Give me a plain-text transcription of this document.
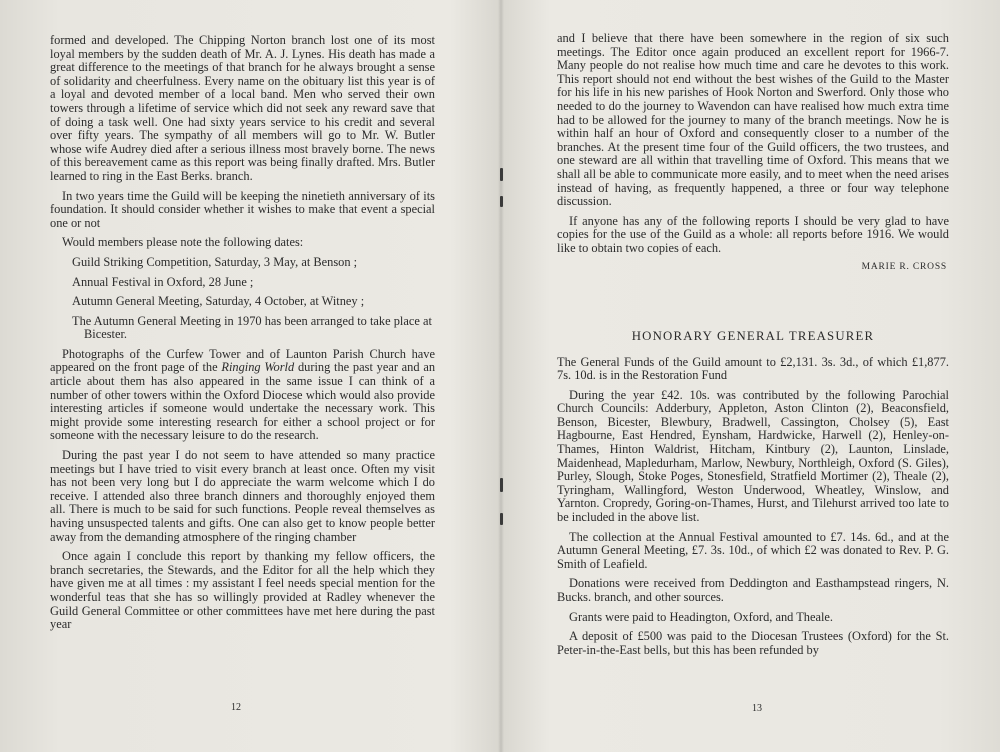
formed and developed. The Chipping Norton branch lost one of its most loyal members by the sudden death of Mr. A. J. Lynes. His death has made a great difference to the meetings of that branch for he always brought a sense of solidarity and cheerfulness. Every name on the obituary list this year is of a loyal and devoted member of a local band. Men who served their own towers through a lifetime of service which did not seek any reward save that of doing a task well. One had sixty years service to his credit and several over fifty years. The sympathy of all members will go to Mr. W. Butler whose wife Audrey died after a serious illness most bravely borne. The news of this bereavement came as this report was being finally drafted. Mrs. Butler learned to ring in the East Berks. branch.

In two years time the Guild will be keeping the ninetieth anniversary of its foundation. It should consider whether it wishes to make that event a special one or not

Would members please note the following dates:

Guild Striking Competition, Saturday, 3 May, at Benson ;
Annual Festival in Oxford, 28 June ;
Autumn General Meeting, Saturday, 4 October, at Witney ;
The Autumn General Meeting in 1970 has been arranged to take place at Bicester.

Photographs of the Curfew Tower and of Launton Parish Church have appeared on the front page of the Ringing World during the past year and an article about them has also appeared in the same issue I can think of a number of other towers within the Oxford Diocese which would also provide interesting articles if someone would undertake the necessary work. This might provide some interesting research for either a school project or for someone with the necessary leisure to do the research.

During the past year I do not seem to have attended so many practice meetings but I have tried to visit every branch at least once. Often my visit has not been very long but I do appreciate the warm welcome which I do receive. I attended also three branch dinners and thoroughly enjoyed them all. There is much to be said for such functions. People reveal themselves as having unsuspected talents and gifts. One can also get to know people better away from the demanding atmosphere of the ringing chamber

Once again I conclude this report by thanking my fellow officers, the branch secretaries, the Stewards, and the Editor for all the help which they have given me at all times : my assistant I feel needs special mention for the wonderful teas that she has so willingly provided at Radley whenever the Guild General Committee or other committees have met here during the past year

12

and I believe that there have been somewhere in the region of six such meetings. The Editor once again produced an excellent report for 1966-7. Many people do not realise how much time and care he devotes to this work. This report should not end without the best wishes of the Guild to the Master for his life in his new parishes of Hook Norton and Swerford. Only those who needed to do the journey to Wavendon can have realised how much extra time had to be allowed for the journey to many of the branch meetings. Now he is within half an hour of Oxford and consequently closer to a number of the branches. At the present time four of the Guild officers, the two trustees, and one steward are all within that travelling time of Oxford. This means that we shall all be able to communicate more easily, and to meet when the need arises instead of having, as frequently happened, a three or four way telephone discussion.

If anyone has any of the following reports I should be very glad to have copies for the use of the Guild as a whole: all reports before 1916. We would like to obtain two copies of each.

MARIE R. CROSS
HONORARY GENERAL TREASURER

The General Funds of the Guild amount to £2,131. 3s. 3d., of which £1,877. 7s. 10d. is in the Restoration Fund

During the year £42. 10s. was contributed by the following Parochial Church Councils: Adderbury, Appleton, Aston Clinton (2), Beaconsfield, Benson, Bicester, Blewbury, Bradwell, Cassington, Cholsey (5), East Hagbourne, East Hendred, Eynsham, Hardwicke, Harwell (2), Henley-on-Thames, Hinton Waldrist, Hitcham, Kintbury (2), Launton, Linslade, Maidenhead, Mapledurham, Marlow, Newbury, Northleigh, Oxford (S. Giles), Purley, Slough, Stoke Poges, Stonesfield, Stratfield Mortimer (2), Theale (2), Tyringham, Wallingford, Weston Underwood, Wheatley, Winslow, and Yarnton. Cropredy, Goring-on-Thames, Hurst, and Tilehurst arrived too late to be included in the above list.

The collection at the Annual Festival amounted to £7. 14s. 6d., and at the Autumn General Meeting, £7. 3s. 10d., of which £2 was donated to Rev. P. G. Smith of Leafield.

Donations were received from Deddington and Easthampstead ringers, N. Bucks. branch, and other sources.

Grants were paid to Headington, Oxford, and Theale.

A deposit of £500 was paid to the Diocesan Trustees (Oxford) for the St. Peter-in-the-East bells, but this has been refunded by

13
